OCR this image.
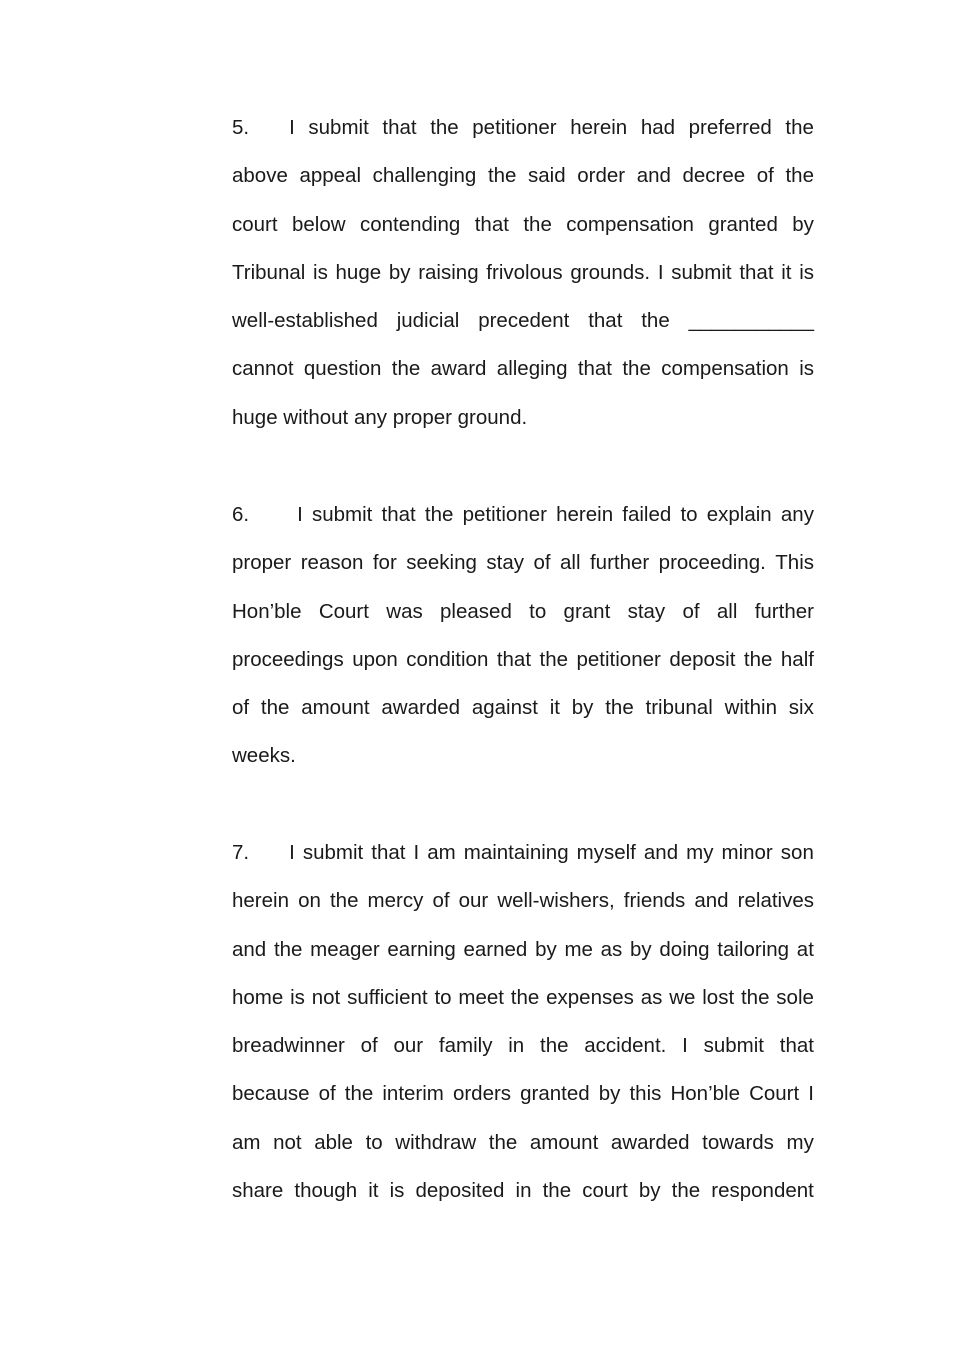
5. I submit that the petitioner herein had preferred the
above appeal challenging the said order and decree of the
court below contending that the compensation granted by
Tribunal is huge by raising frivolous grounds. I submit that it is
well-established judicial precedent that the ___________
cannot question the award alleging that the compensation is
huge without any proper ground.
6. I submit that the petitioner herein failed to explain any
proper reason for seeking stay of all further proceeding. This
Hon’ble Court was pleased to grant stay of all further
proceedings upon condition that the petitioner deposit the half
of the amount awarded against it by the tribunal within six
weeks.
7. I submit that I am maintaining myself and my minor son
herein on the mercy of our well-wishers, friends and relatives
and the meager earning earned by me as by doing tailoring at
home is not sufficient to meet the expenses as we lost the sole
breadwinner of our family in the accident. I submit that
because of the interim orders granted by this Hon’ble Court I
am not able to withdraw the amount awarded towards my
share though it is deposited in the court by the respondent
